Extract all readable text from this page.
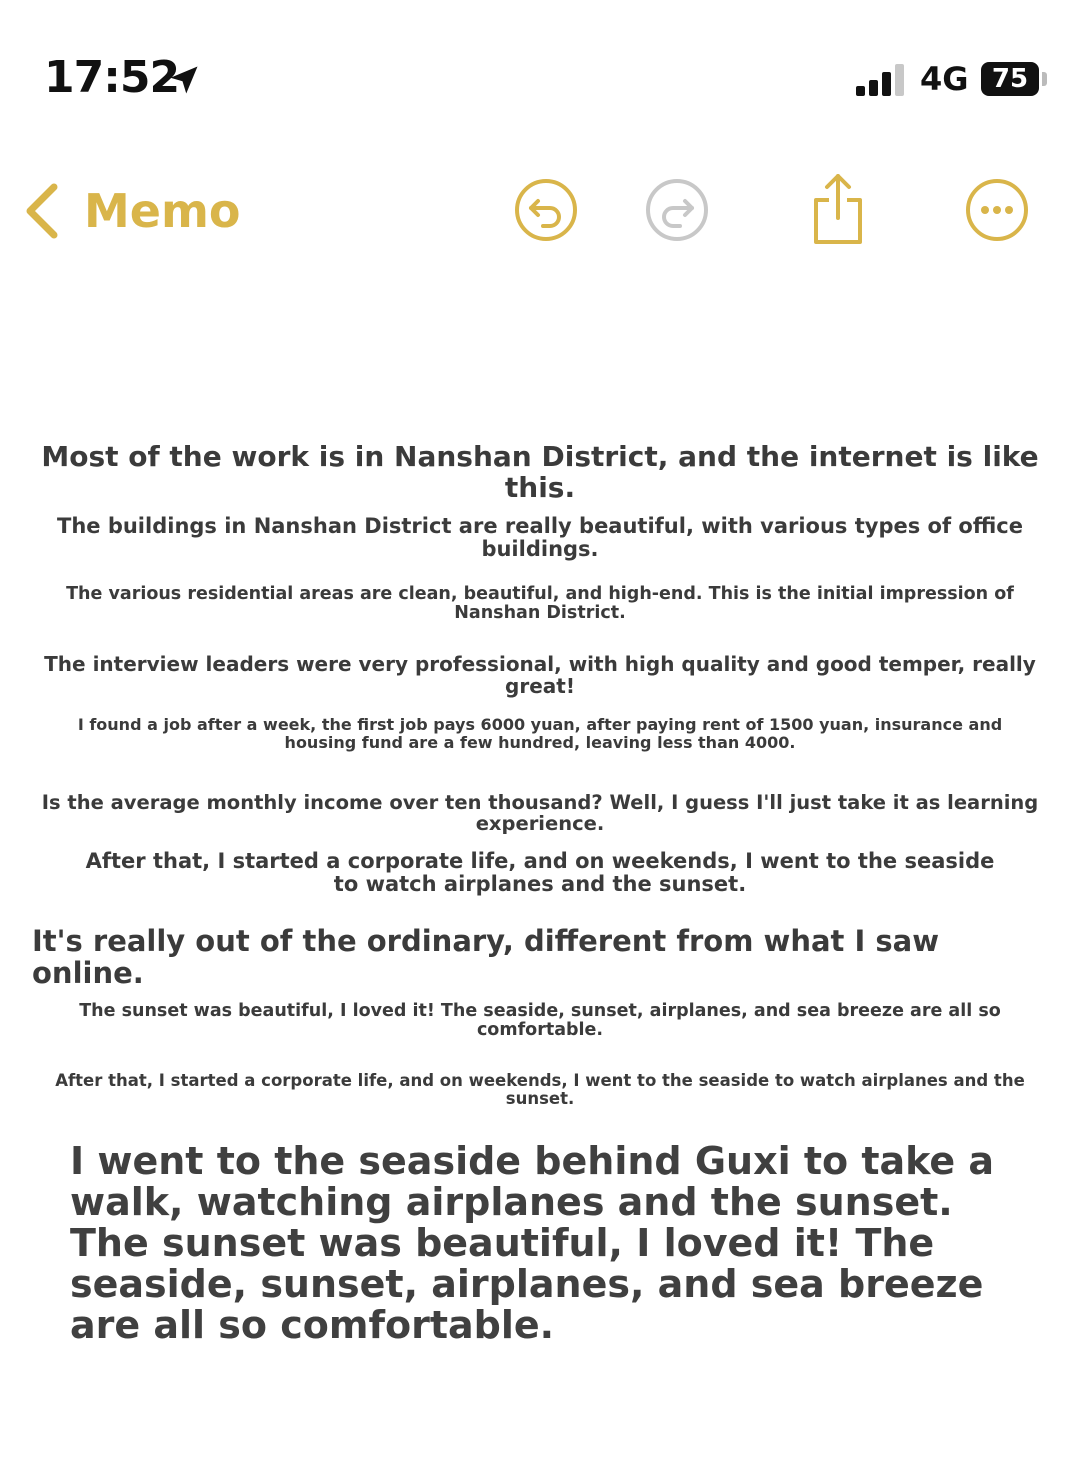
17:52	4G 75
Memo
Most of the work is in Nanshan District, and the internet is like this.
The buildings in Nanshan District are really beautiful, with various types of office buildings.
The various residential areas are clean, beautiful, and high-end. This is the initial impression of Nanshan District.
The interview leaders were very professional, with high quality and good temper, really great!
I found a job after a week, the first job pays 6000 yuan, after paying rent of 1500 yuan, insurance and housing fund are a few hundred, leaving less than 4000.
Is the average monthly income over ten thousand? Well, I guess I'll just take it as learning experience.
After that, I started a corporate life, and on weekends, I went to the seaside to watch airplanes and the sunset.
It's really out of the ordinary, different from what I saw online.
The sunset was beautiful, I loved it! The seaside, sunset, airplanes, and sea breeze are all so comfortable.
After that, I started a corporate life, and on weekends, I went to the seaside to watch airplanes and the sunset.
I went to the seaside behind Guxi to take a walk, watching airplanes and the sunset. The sunset was beautiful, I loved it! The seaside, sunset, airplanes, and sea breeze are all so comfortable.
